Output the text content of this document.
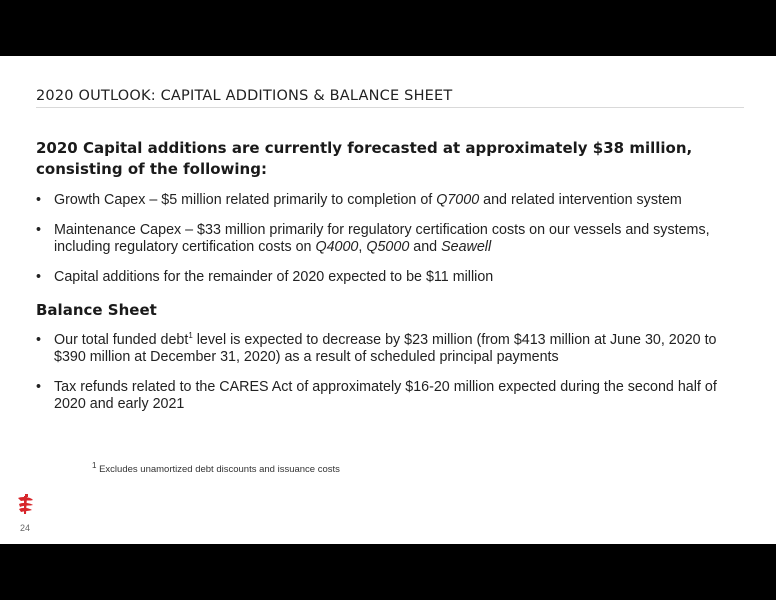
2020 OUTLOOK: CAPITAL ADDITIONS & BALANCE SHEET
2020 Capital additions are currently forecasted at approximately $38 million, consisting of the following:
• Growth Capex – $5 million related primarily to completion of Q7000 and related intervention system
• Maintenance Capex – $33 million primarily for regulatory certification costs on our vessels and systems, including regulatory certification costs on Q4000, Q5000 and Seawell
• Capital additions for the remainder of 2020 expected to be $11 million
Balance Sheet
• Our total funded debt$^1$ level is expected to decrease by $23 million (from $413 million at June 30, 2020 to $390 million at December 31, 2020) as a result of scheduled principal payments
• Tax refunds related to the CARES Act of approximately $16-20 million expected during the second half of 2020 and early 2021
$^1$ Excludes unamortized debt discounts and issuance costs
24
